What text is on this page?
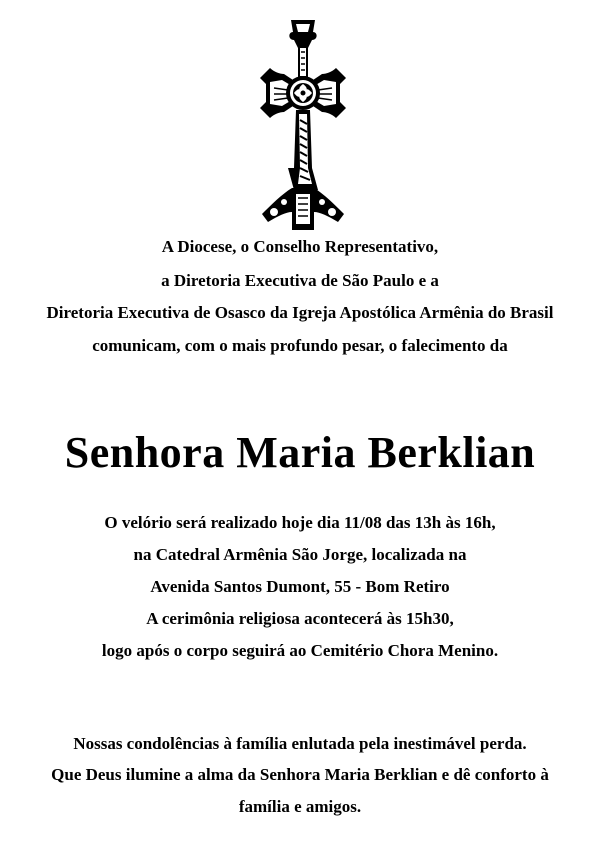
A Diocese, o Conselho Representativo,
a Diretoria Executiva de São Paulo e a
Diretoria Executiva de Osasco da Igreja Apostólica Armênia do Brasil
comunicam, com o mais profundo pesar, o falecimento da
Senhora Maria Berklian
O velório será realizado hoje dia 11/08 das 13h às 16h,
na Catedral Armênia São Jorge, localizada na
Avenida Santos Dumont, 55 - Bom Retiro
A cerimônia religiosa acontecerá às 15h30,
logo após o corpo seguirá ao Cemitério Chora Menino.
Nossas condolências à família enlutada pela inestimável perda.
Que Deus ilumine a alma da Senhora Maria Berklian e dê conforto à
família e amigos.
